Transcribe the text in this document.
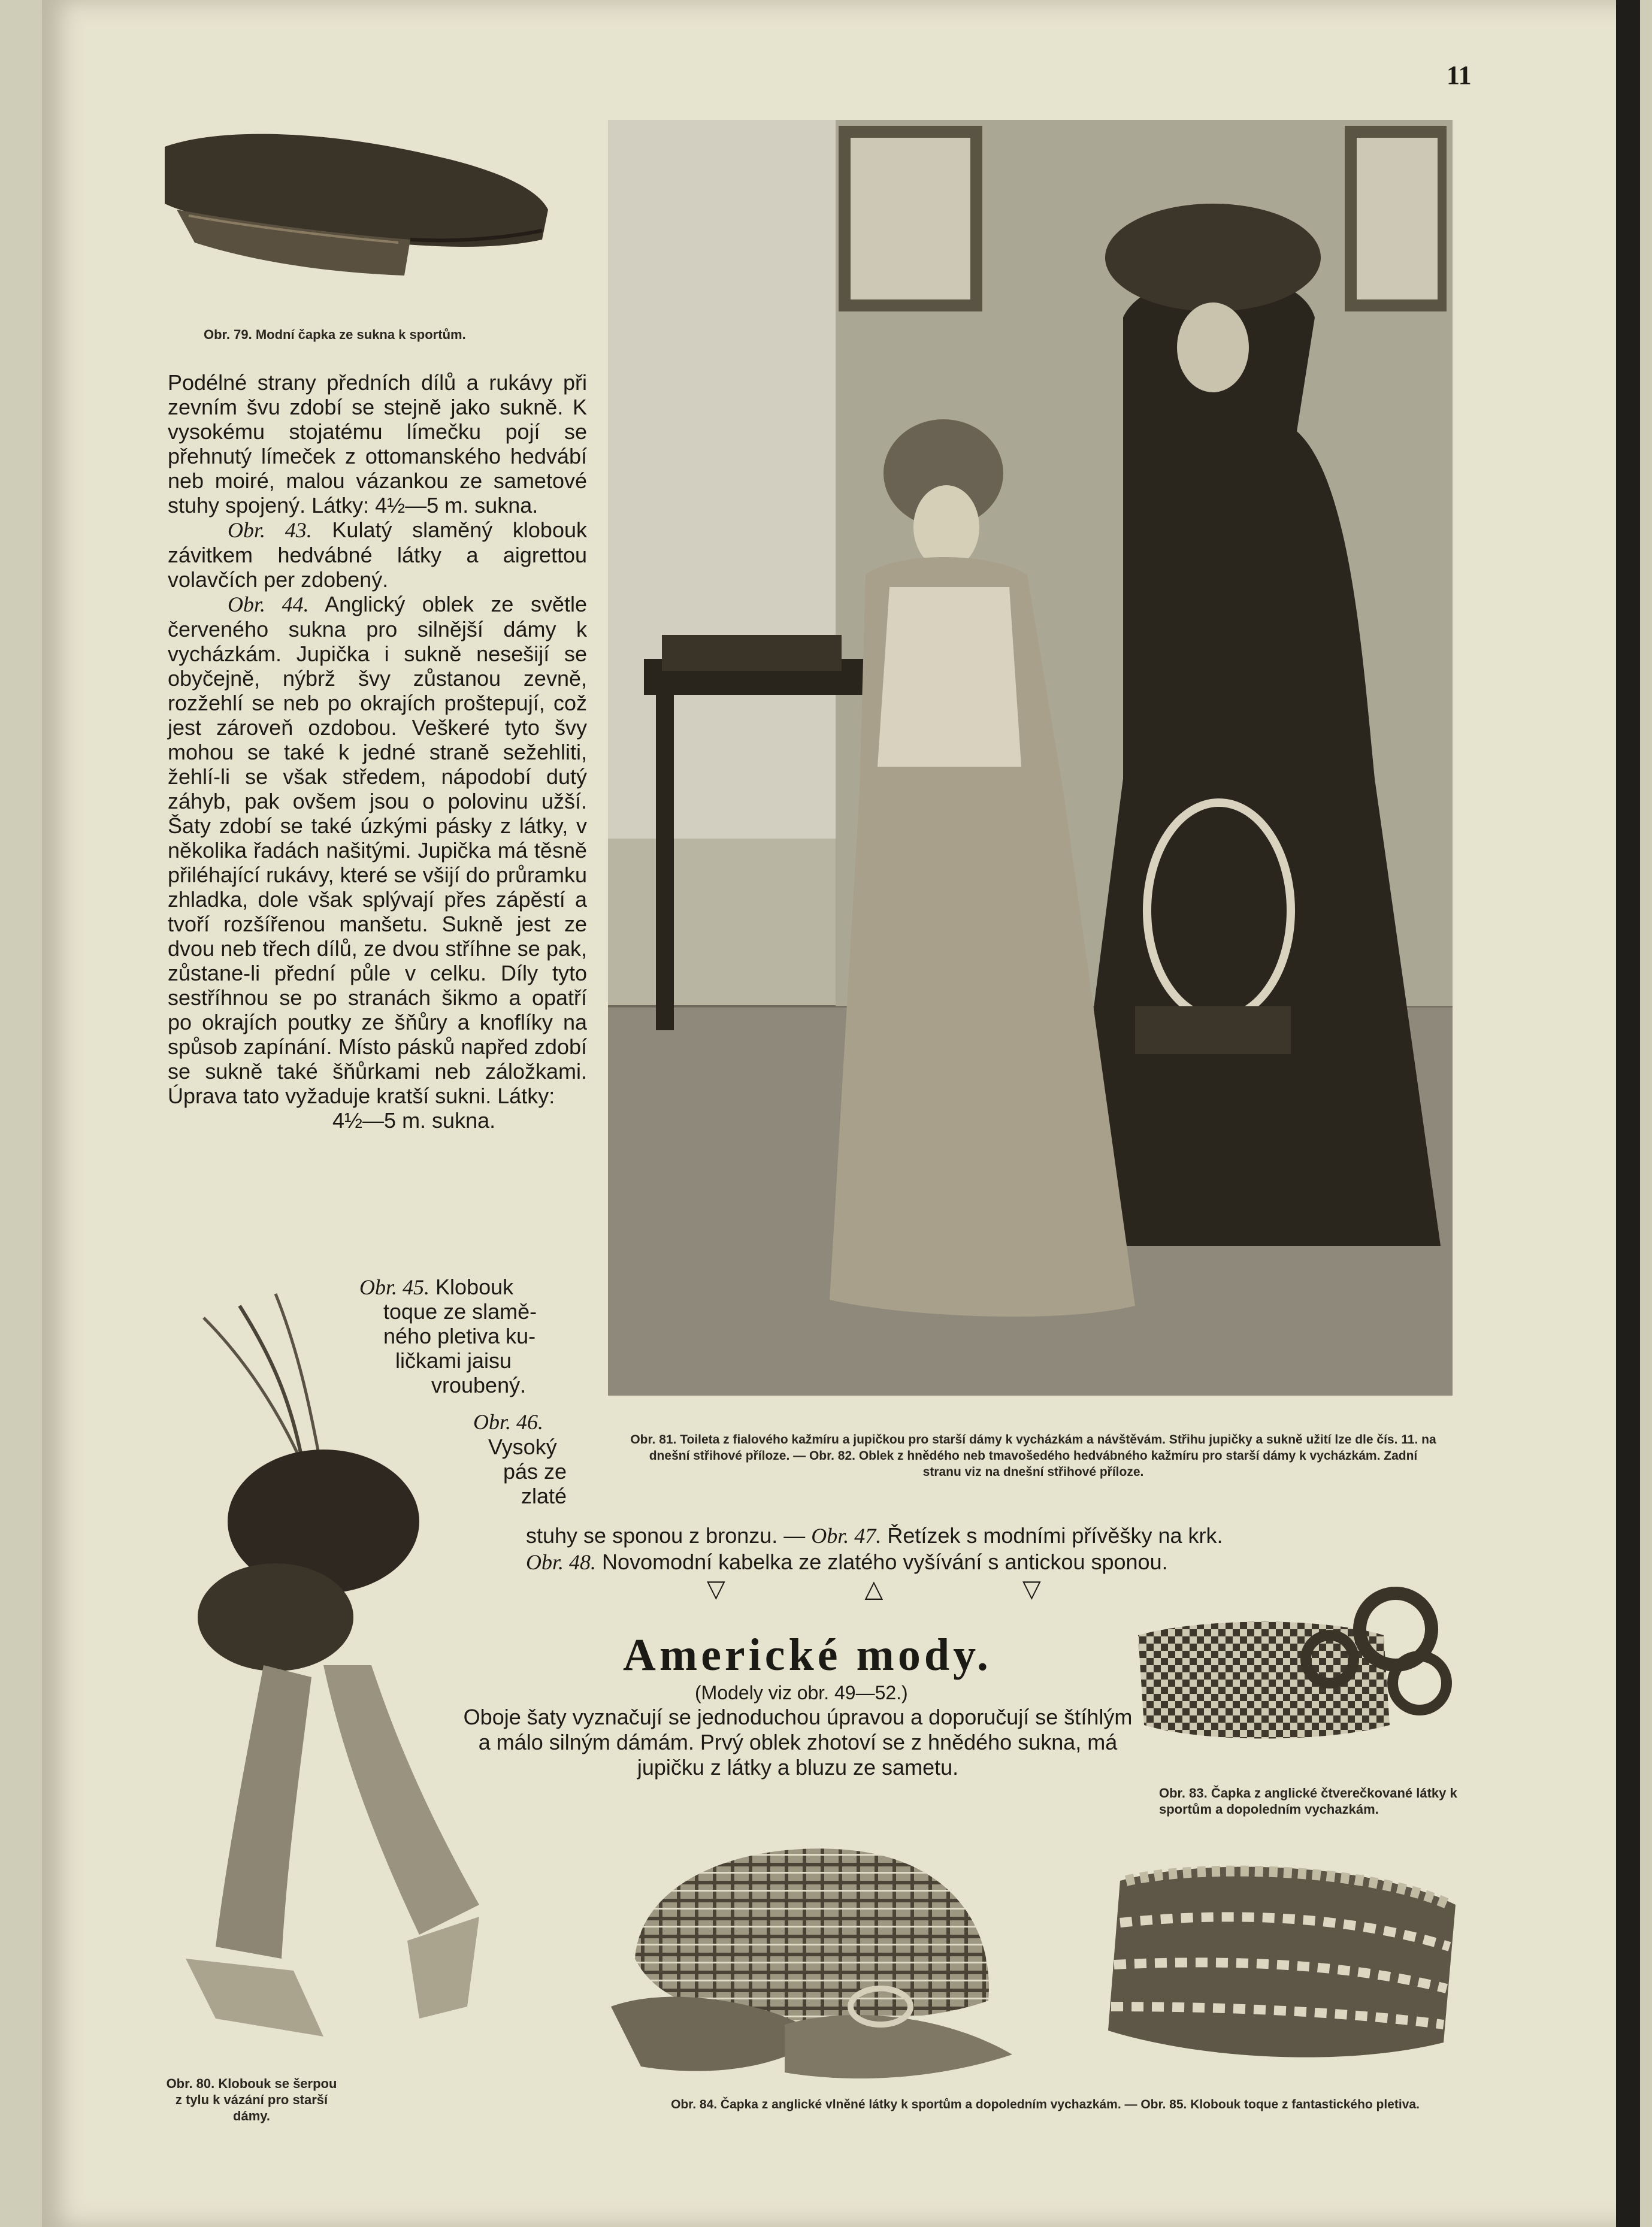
11
Obr. 79. Modní čapka ze sukna k sportům.
Obr. 81. Toileta z fialového kažmíru a jupičkou pro starší dámy k vycházkám a návštěvám. Střihu jupičky a sukně užití lze dle čís. 11. na dnešní střihové příloze. — Obr. 82. Oblek z hnědého neb tmavošedého hedvábného kažmíru pro starší dámy k vycházkám. Zadní stranu viz na dnešní střihové příloze.

Podélné strany předních dílů a rukávy při zevním švu zdobí se stejně jako sukně. K vysokému stojatému límečku pojí se přehnutý límeček z ottomanského hedvábí neb moiré, malou vázankou ze sametové stuhy spojený. Látky: 4½—5 m. sukna.

Obr. 43. Kulatý slaměný klobouk závitkem hedvábné látky a aigrettou volavčích per zdobený.

Obr. 44. Anglický oblek ze světle červeného sukna pro silnější dámy k vycházkám. Jupička i sukně nesešijí se obyčejně, nýbrž švy zůstanou zevně, rozžehlí se neb po okrajích proštepují, což jest zároveň ozdobou. Veškeré tyto švy mohou se také k jedné straně sežehliti, žehlí-li se však středem, nápodobí dutý záhyb, pak ovšem jsou o polovinu užší. Šaty zdobí se také úzkými pásky z látky, v několika řadách našitými. Jupička má těsně přiléhající rukávy, které se všijí do průramku zhladka, dole však splývají přes zápěstí a tvoří rozšířenou manšetu. Sukně jest ze dvou neb třech dílů, ze dvou stříhne se pak, zůstane-li přední půle v celku. Díly tyto sestříhnou se po stranách šikmo a opatří po okrajích poutky ze šňůry a knoflíky na spůsob zapínání. Místo pásků napřed zdobí se sukně také šňůrkami neb záložkami. Úprava tato vyžaduje kratší sukni. Látky:

4½—5 m. sukna.

Obr. 45. Klobouk
toque ze slamě-
ného pletiva ku-
ličkami jaisu
vroubený.
Obr. 46.
Vysoký
pás ze
zlaté
stuhy se sponou z bronzu. — Obr. 47. Řetízek s modními přívěšky na krk.
Obr. 48. Novomodní kabelka ze zlatého vyšívání s antickou sponou.
▽ △ ▽
Americké mody.
(Modely viz obr. 49—52.)
Oboje šaty vyznačují se jednoduchou úpravou a doporučují se štíhlým a málo silným dámám. Prvý oblek zhotoví se z hnědého sukna, má jupičku z látky a bluzu ze sametu.
Obr. 80. Klobouk se šerpou z tylu k vázání pro starší dámy.
Obr. 83. Čapka z anglické čtverečkované látky k sportům a dopoledním vychazkám.
Obr. 84. Čapka z anglické vlněné látky k sportům a dopoledním vychazkám. — Obr. 85. Klobouk toque z fantastického pletiva.
